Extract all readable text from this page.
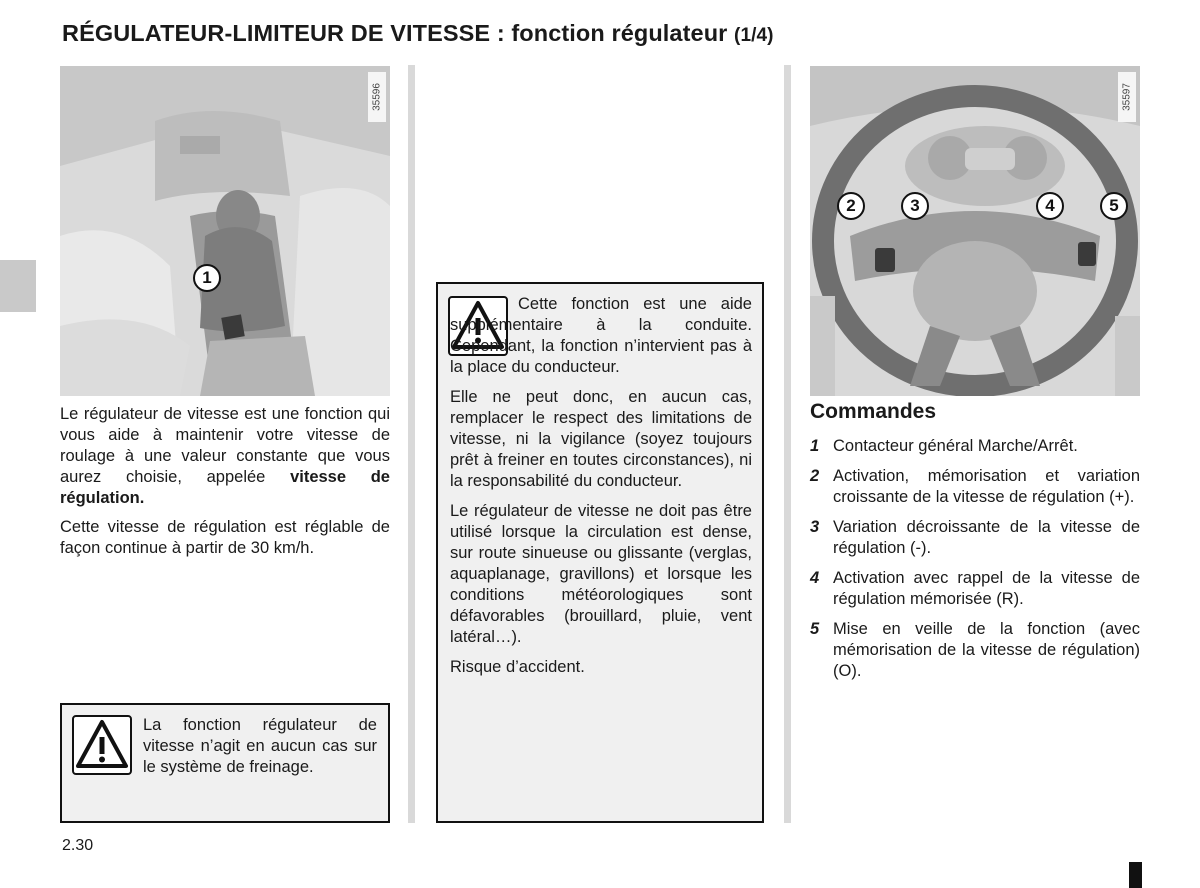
RÉGULATEUR-LIMITEUR DE VITESSE : fonction régulateur (1/4)
35596
1
Le régulateur de vitesse est une fonction qui vous aide à maintenir votre vitesse de roulage à une valeur constante que vous aurez choisie, appelée vitesse de régulation.
Cette vitesse de régulation est réglable de façon continue à partir de 30 km/h.
La fonction régulateur de vitesse n’agit en aucun cas sur le système de freinage.

Cette fonction est une aide supplémentaire à la conduite. Cependant, la fonction n’intervient pas à la place du conducteur.

Elle ne peut donc, en aucun cas, remplacer le respect des limitations de vitesse, ni la vigilance (soyez toujours prêt à freiner en toutes circonstances), ni la responsabilité du conducteur.

Le régulateur de vitesse ne doit pas être utilisé lorsque la circulation est dense, sur route sinueuse ou glissante (verglas, aquaplanage, gravillons) et lorsque les conditions météorologiques sont défavorables (brouillard, pluie, vent latéral…).

Risque d’accident.

35597
2	3	4	5
Commandes
1 Contacteur général Marche/Arrêt.
2 Activation, mémorisation et variation croissante de la vitesse de régulation (+).
3 Variation décroissante de la vitesse de régulation (-).
4 Activation avec rappel de la vitesse de régulation mémorisée (R).
5 Mise en veille de la fonction (avec mémorisation de la vitesse de régulation) (O).
2.30
